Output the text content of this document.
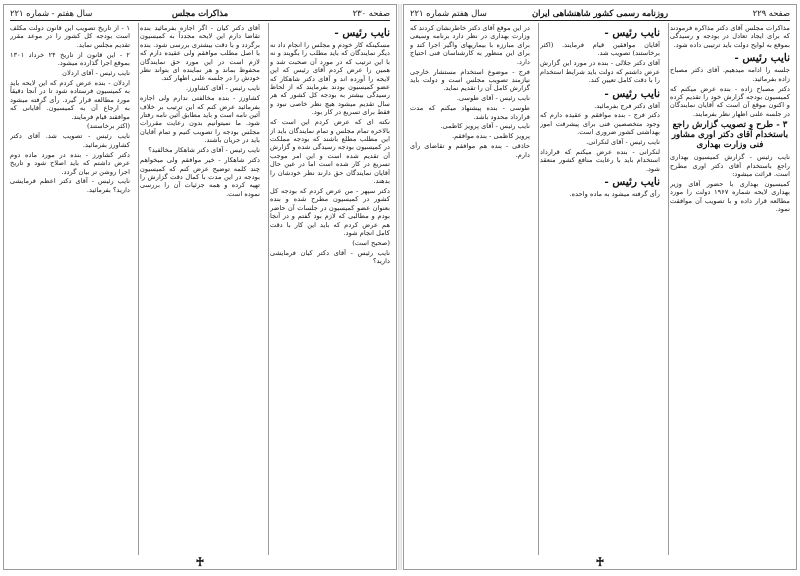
صفحه ۲۳۰
مذاکرات مجلس
سال هفتم - شماره ۲۲۱

نایب رئیس -

مسکینکه کار خودم و مجلس را انجام داد نه دیگر نمایندگان که باید مطلب را بگویند و نه با این ترتیب که در مورد آن صحبت شد و همین را عرض کردم آقای رئیس که این لایحه را آورده اند و آقای دکتر شاهکار که عضو کمیسیون بودند بفرمایند که از لحاظ رسیدگی بیشتر به بودجه کل کشور که هر سال تقدیم میشود هیچ نظر خاصی نبود و فقط برای تسریع در کار بود.

نکته ای که عرض کردم این است که بالاخره تمام مجلس و تمام نمایندگان باید از این مطلب مطلع باشند که بودجه مملکت در کمیسیون بودجه رسیدگی شده و گزارش آن تقدیم شده است و این امر موجب تسریع در کار شده است اما در عین حال آقایان نمایندگان حق دارند نظر خودشان را بدهند.

دکتر سپهر - من عرض کردم که بودجه کل کشور در کمیسیون مطرح شده و بنده بعنوان عضو کمیسیون در جلسات آن حاضر بودم و مطالبی که لازم بود گفتم و در آنجا هم عرض کردم که باید این کار با دقت کامل انجام شود.

(صحیح است)

نایب رئیس - آقای دکتر کیان فرمایشی دارید؟

آقای دکتر کیان - اگر اجازه بفرمائید بنده تقاضا دارم این لایحه مجدداً به کمیسیون برگردد و با دقت بیشتری بررسی شود. بنده با اصل مطلب موافقم ولی عقیده دارم که لازم است در این مورد حق نمایندگان محفوظ بماند و هر نماینده ای بتواند نظر خودش را در جلسه علنی اظهار کند.

نایب رئیس - آقای کشاورز.

کشاورز - بنده مخالفتی ندارم ولی اجازه بفرمائید عرض کنم که این ترتیب بر خلاف آئین نامه است و باید مطابق آئین نامه رفتار شود. ما نمیتوانیم بدون رعایت مقررات مجلس بودجه را تصویب کنیم و تمام آقایان باید در جریان باشند.

نایب رئیس - آقای دکتر شاهکار مخالفید؟

دکتر شاهکار - خیر موافقم ولی میخواهم چند کلمه توضیح عرض کنم که کمیسیون بودجه در این مدت با کمال دقت گزارش را تهیه کرده و همه جزئیات آن را بررسی نموده است.

۱ - از تاریخ تصویب این قانون دولت مکلف است بودجه کل کشور را در موعد مقرر تقدیم مجلس نماید.

۲ - این قانون از تاریخ ۲۴ خرداد ۱۳۰۱ بموقع اجرا گذارده میشود.

نایب رئیس - آقای اردلان

اردلان - بنده عرض کردم که این لایحه باید به کمیسیون فرستاده شود تا در آنجا دقیقاً مورد مطالعه قرار گیرد. رأی گرفته میشود به ارجاع آن به کمیسیون. آقایانی که موافقند قیام فرمایند.

(اکثر برخاستند)

نایب رئیس - تصویب شد. آقای دکتر کشاورز بفرمائید.

دکتر کشاورز - بنده در مورد ماده دوم عرض داشتم که باید اصلاح شود و تاریخ اجرا روشن تر بیان گردد.

نایب رئیس - آقای دکتر اعظم فرمایشی دارید؟ بفرمائید.

♰
صفحه ۲۲۹
روزنامه رسمی کشور شاهنشاهی ایران
سال هفتم شماره ۲۲۱

مذاکرات مجلس آقای دکتر مذاکره فرمودند که برای ایجاد تعادل در بودجه و رسیدگی بموقع به لوایح دولت باید ترتیبی داده شود.

نایب رئیس -

جلسه را ادامه میدهیم. آقای دکتر مصباح زاده بفرمائید.

دکتر مصباح زاده - بنده عرض میکنم که کمیسیون بودجه گزارش خود را تقدیم کرده و اکنون موقع آن است که آقایان نمایندگان در جلسه علنی اظهار نظر بفرمایند.

۳ - طرح و تصویب گزارش راجع باستخدام آقای دکتر اوری مشاور فنی وزارت بهداری

نایب رئیس - گزارش کمیسیون بهداری راجع باستخدام آقای دکتر اوری مطرح است. قرائت میشود:

کمیسیون بهداری با حضور آقای وزیر بهداری لایحه شماره ۱۹۶۷ دولت را مورد مطالعه قرار داده و با تصویب آن موافقت نمود.

نایب رئیس -

آقایان موافقین قیام فرمایند. (اکثر برخاستند) تصویب شد.

آقای دکتر جلالی - بنده در مورد این گزارش عرض داشتم که دولت باید شرایط استخدام را با دقت کامل تعیین کند.

نایب رئیس -

آقای دکتر فرج بفرمائید.

دکتر فرج - بنده موافقم و عقیده دارم که وجود متخصصین فنی برای پیشرفت امور بهداشتی کشور ضروری است.

نایب رئیس - آقای لنکرانی.

لنکرانی - بنده عرض میکنم که قرارداد استخدام باید با رعایت منافع کشور منعقد شود.

نایب رئیس -

رأی گرفته میشود به ماده واحده.

در این موقع آقای دکتر خاطرنشان کردند که وزارت بهداری در نظر دارد برنامه وسیعی برای مبارزه با بیماریهای واگیر اجرا کند و برای این منظور به کارشناسان فنی احتیاج دارد.

فرج - موضوع استخدام مستشار خارجی نیازمند تصویب مجلس است و دولت باید گزارش کامل آن را تقدیم نماید.

نایب رئیس - آقای طوسی.

طوسی - بنده پیشنهاد میکنم که مدت قرارداد محدود باشد.

نایب رئیس - آقای پرویز کاظمی.

پرویز کاظمی - بنده موافقم.

حاذقی - بنده هم موافقم و تقاضای رأی دارم.

♰
